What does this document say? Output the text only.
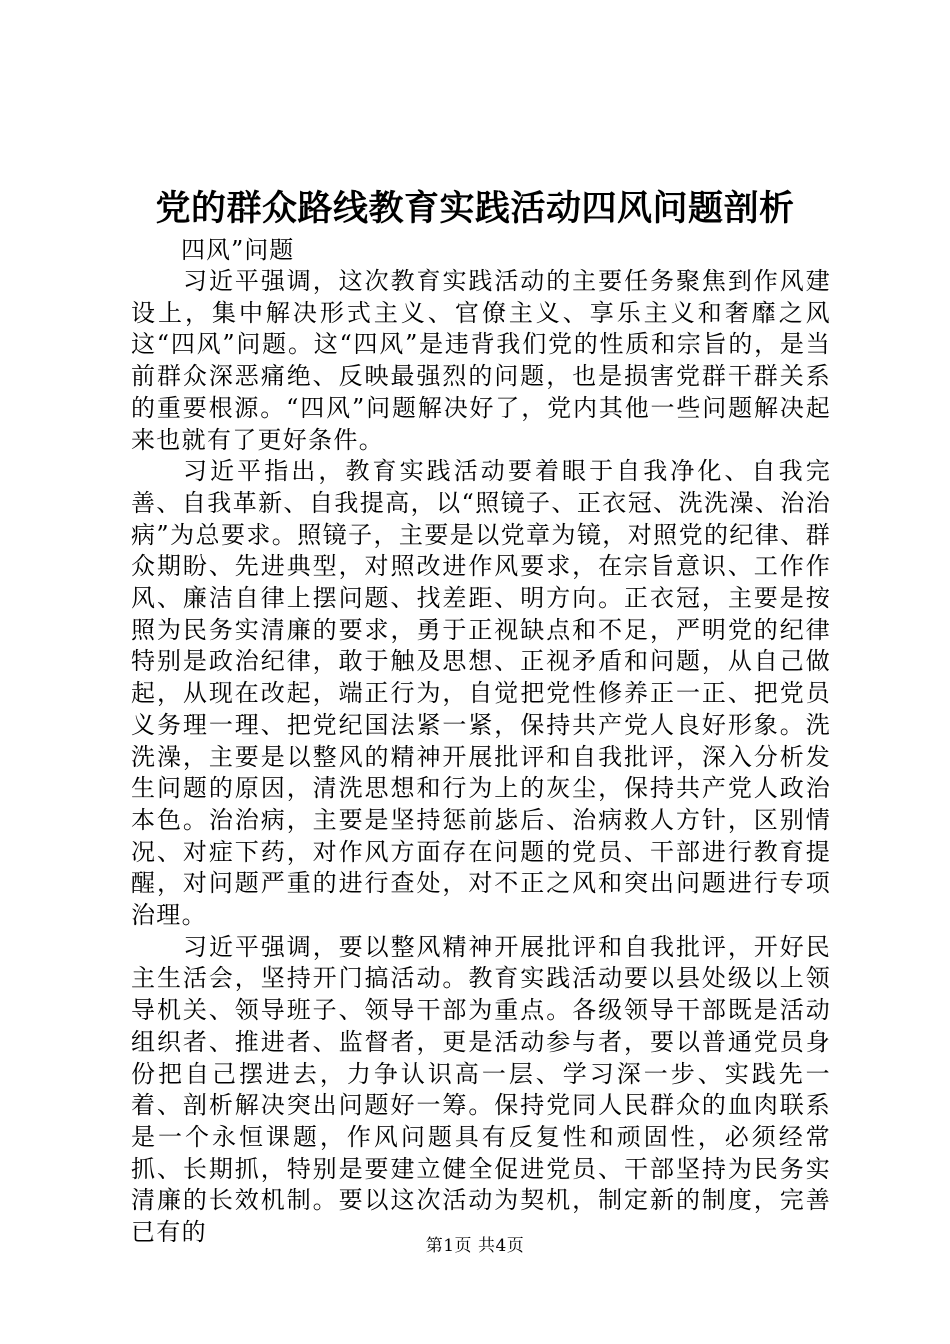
党的群众路线教育实践活动四风问题剖析
四风”问题

习近平强调，这次教育实践活动的主要任务聚焦到作风建设上，集中解决形式主义、官僚主义、享乐主义和奢靡之风这“四风”问题。这“四风”是违背我们党的性质和宗旨的，是当前群众深恶痛绝、反映最强烈的问题，也是损害党群干群关系的重要根源。“四风”问题解决好了，党内其他一些问题解决起来也就有了更好条件。

习近平指出，教育实践活动要着眼于自我净化、自我完善、自我革新、自我提高，以“照镜子、正衣冠、洗洗澡、治治病”为总要求。照镜子，主要是以党章为镜，对照党的纪律、群众期盼、先进典型，对照改进作风要求，在宗旨意识、工作作风、廉洁自律上摆问题、找差距、明方向。正衣冠，主要是按照为民务实清廉的要求，勇于正视缺点和不足，严明党的纪律特别是政治纪律，敢于触及思想、正视矛盾和问题，从自己做起，从现在改起，端正行为，自觉把党性修养正一正、把党员义务理一理、把党纪国法紧一紧，保持共产党人良好形象。洗洗澡，主要是以整风的精神开展批评和自我批评，深入分析发生问题的原因，清洗思想和行为上的灰尘，保持共产党人政治本色。治治病，主要是坚持惩前毖后、治病救人方针，区别情况、对症下药，对作风方面存在问题的党员、干部进行教育提醒，对问题严重的进行查处，对不正之风和突出问题进行专项治理。

习近平强调，要以整风精神开展批评和自我批评，开好民主生活会，坚持开门搞活动。教育实践活动要以县处级以上领导机关、领导班子、领导干部为重点。各级领导干部既是活动组织者、推进者、监督者，更是活动参与者，要以普通党员身份把自己摆进去，力争认识高一层、学习深一步、实践先一着、剖析解决突出问题好一筹。保持党同人民群众的血肉联系是一个永恒课题，作风问题具有反复性和顽固性，必须经常抓、长期抓，特别是要建立健全促进党员、干部坚持为民务实清廉的长效机制。要以这次活动为契机，制定新的制度，完善已有的	第1页 共4页
